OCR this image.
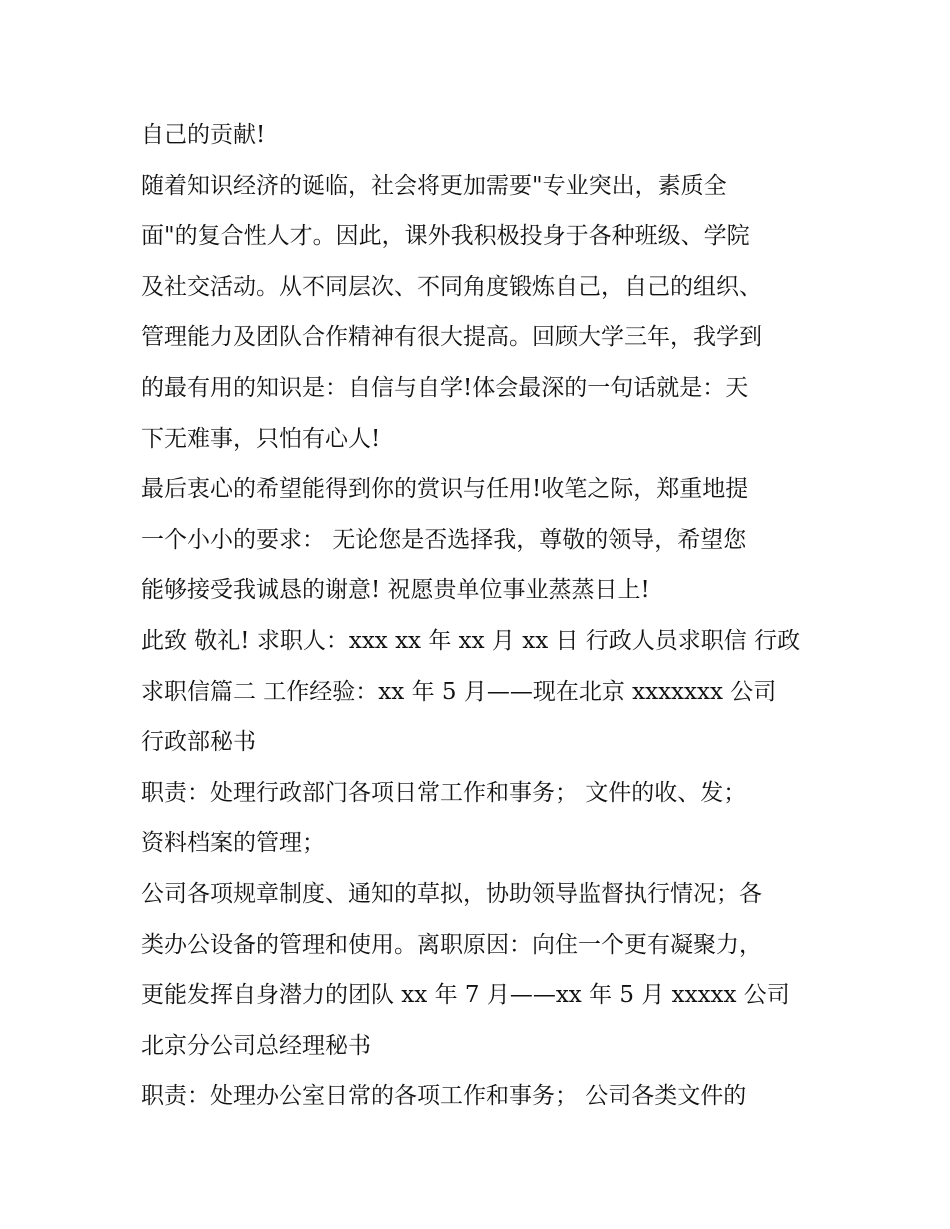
自己的贡献!
随着知识经济的诞临，社会将更加需要"专业突出，素质全
面"的复合性人才。因此，课外我积极投身于各种班级、学院
及社交活动。从不同层次、不同角度锻炼自己，自己的组织、
管理能力及团队合作精神有很大提高。回顾大学三年，我学到
的最有用的知识是：自信与自学!体会最深的一句话就是：天
下无难事，只怕有心人!
最后衷心的希望能得到你的赏识与任用!收笔之际，郑重地提
一个小小的要求： 无论您是否选择我，尊敬的领导，希望您
能够接受我诚恳的谢意! 祝愿贵单位事业蒸蒸日上!
此致 敬礼! 求职人：xxx xx 年 xx 月 xx 日 行政人员求职信 行政
求职信篇二 工作经验：xx 年 5 月——现在北京 xxxxxxx 公司
行政部秘书
职责：处理行政部门各项日常工作和事务； 文件的收、发；
资料档案的管理；
公司各项规章制度、通知的草拟，协助领导监督执行情况；各
类办公设备的管理和使用。离职原因：向住一个更有凝聚力，
更能发挥自身潜力的团队 xx 年 7 月——xx 年 5 月 xxxxx 公司
北京分公司总经理秘书
职责：处理办公室日常的各项工作和事务； 公司各类文件的
